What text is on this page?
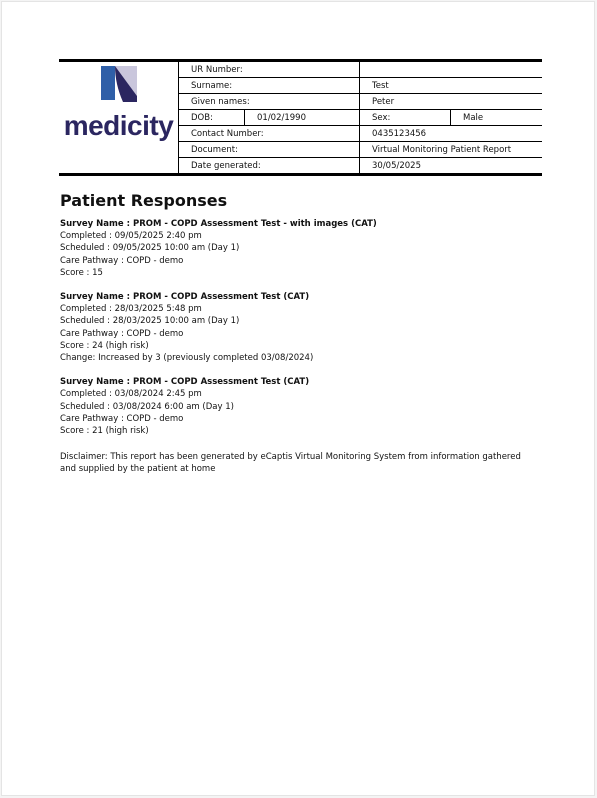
medicity
UR Number:
Surname:	Test
Given names:	Peter
DOB:	01/02/1990	Sex:	Male
Contact Number:	0435123456
Document:	Virtual Monitoring Patient Report
Date generated:	30/05/2025
Patient Responses
Survey Name : PROM - COPD Assessment Test - with images (CAT)
Completed : 09/05/2025 2:40 pm
Scheduled : 09/05/2025 10:00 am (Day 1)
Care Pathway : COPD - demo
Score : 15
Survey Name : PROM - COPD Assessment Test (CAT)
Completed : 28/03/2025 5:48 pm
Scheduled : 28/03/2025 10:00 am (Day 1)
Care Pathway : COPD - demo
Score : 24 (high risk)
Change: Increased by 3 (previously completed 03/08/2024)
Survey Name : PROM - COPD Assessment Test (CAT)
Completed : 03/08/2024 2:45 pm
Scheduled : 03/08/2024 6:00 am (Day 1)
Care Pathway : COPD - demo
Score : 21 (high risk)
Disclaimer: This report has been generated by eCaptis Virtual Monitoring System from information gathered and supplied by the patient at home
